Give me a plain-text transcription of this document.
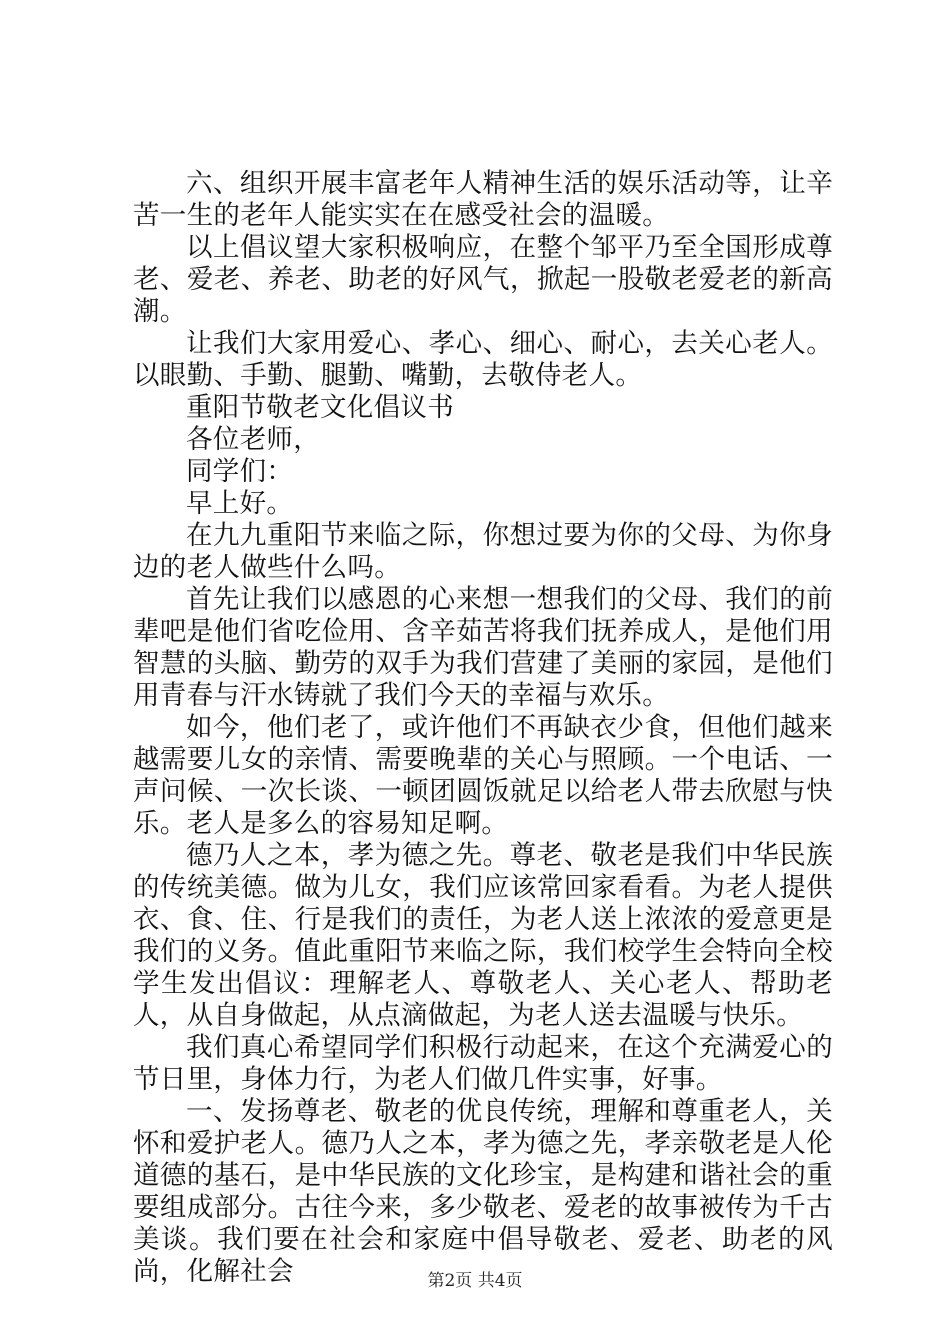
六、组织开展丰富老年人精神生活的娱乐活动等，让辛苦一生的老年人能实实在在感受社会的温暖。

以上倡议望大家积极响应，在整个邹平乃至全国形成尊老、爱老、养老、助老的好风气，掀起一股敬老爱老的新高潮。

让我们大家用爱心、孝心、细心、耐心，去关心老人。以眼勤、手勤、腿勤、嘴勤，去敬侍老人。

重阳节敬老文化倡议书

各位老师，

同学们：

早上好。

在九九重阳节来临之际，你想过要为你的父母、为你身边的老人做些什么吗。

首先让我们以感恩的心来想一想我们的父母、我们的前辈吧是他们省吃俭用、含辛茹苦将我们抚养成人，是他们用智慧的头脑、勤劳的双手为我们营建了美丽的家园，是他们用青春与汗水铸就了我们今天的幸福与欢乐。

如今，他们老了，或许他们不再缺衣少食，但他们越来越需要儿女的亲情、需要晚辈的关心与照顾。一个电话、一声问候、一次长谈、一顿团圆饭就足以给老人带去欣慰与快乐。老人是多么的容易知足啊。

德乃人之本，孝为德之先。尊老、敬老是我们中华民族的传统美德。做为儿女，我们应该常回家看看。为老人提供衣、食、住、行是我们的责任，为老人送上浓浓的爱意更是我们的义务。值此重阳节来临之际，我们校学生会特向全校学生发出倡议：理解老人、尊敬老人、关心老人、帮助老人，从自身做起，从点滴做起，为老人送去温暖与快乐。

我们真心希望同学们积极行动起来，在这个充满爱心的节日里，身体力行，为老人们做几件实事，好事。

一、发扬尊老、敬老的优良传统，理解和尊重老人，关怀和爱护老人。德乃人之本，孝为德之先，孝亲敬老是人伦道德的基石，是中华民族的文化珍宝，是构建和谐社会的重要组成部分。古往今来，多少敬老、爱老的故事被传为千古美谈。我们要在社会和家庭中倡导敬老、爱老、助老的风尚，化解社会	第2页 共4页
